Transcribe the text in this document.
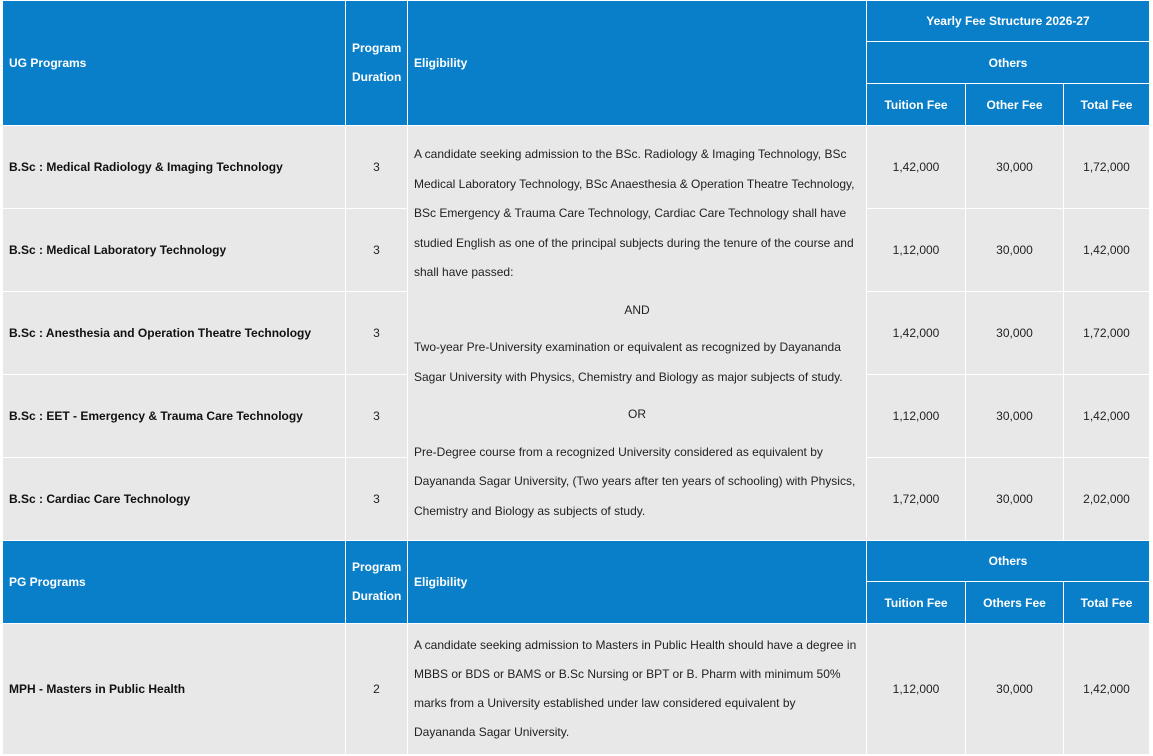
UG Programs	Program
Duration	Eligibility	Yearly Fee Structure 2026-27		
			Others		
			Tuition Fee	Other Fee	Total Fee
B.Sc : Medical Radiology & Imaging Technology	3	A candidate seeking admission to the BSc. Radiology & Imaging Technology, BSc Medical Laboratory Technology, BSc Anaesthesia & Operation Theatre Technology, BSc Emergency & Trauma Care Technology, Cardiac Care Technology shall have studied English as one of the principal subjects during the tenure of the course and shall have passed:
AND
Two-year Pre-University examination or equivalent as recognized by Dayananda Sagar University with Physics, Chemistry and Biology as major subjects of study.
OR
Pre-Degree course from a recognized University considered as equivalent by Dayananda Sagar University, (Two years after ten years of schooling) with Physics, Chemistry and Biology as subjects of study.	1,42,000	30,000	1,72,000
B.Sc : Medical Laboratory Technology	3		1,12,000	30,000	1,42,000
B.Sc : Anesthesia and Operation Theatre Technology	3		1,42,000	30,000	1,72,000
B.Sc : EET - Emergency & Trauma Care Technology	3		1,12,000	30,000	1,42,000
B.Sc : Cardiac Care Technology	3		1,72,000	30,000	2,02,000
PG Programs	Program
Duration	Eligibility	Others		
			Tuition Fee	Others Fee	Total Fee
MPH - Masters in Public Health	2	A candidate seeking admission to Masters in Public Health should have a degree in MBBS or BDS or BAMS or B.Sc Nursing or BPT or B. Pharm with minimum 50% marks from a University established under law considered equivalent by Dayananda Sagar University.	1,12,000	30,000	1,42,000
